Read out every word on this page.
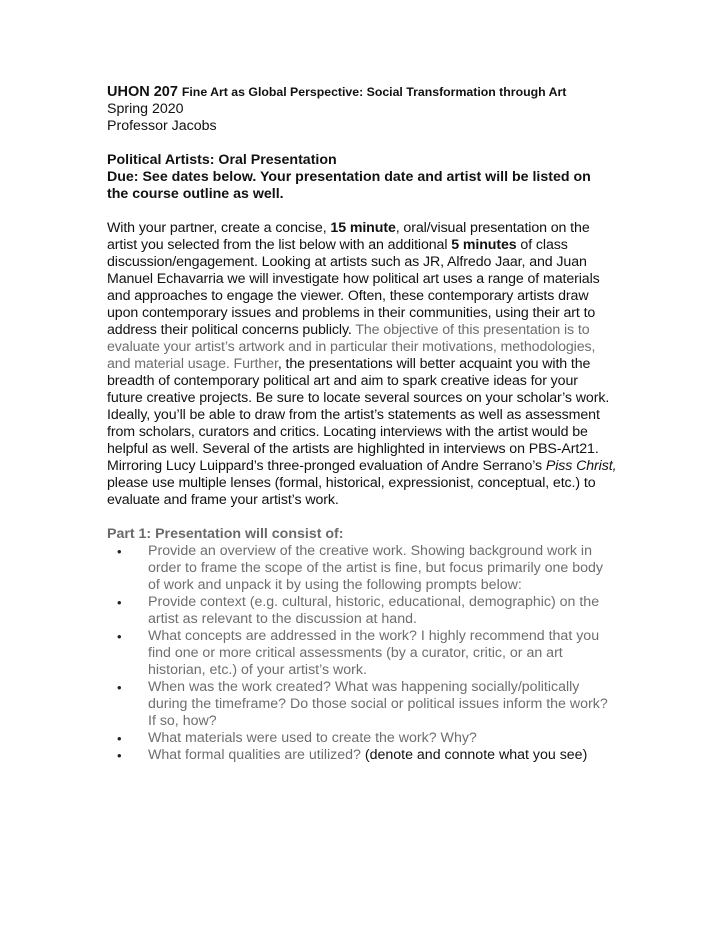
UHON 207 Fine Art as Global Perspective: Social Transformation through Art

Spring 2020

Professor Jacobs

Political Artists: Oral Presentation

Due: See dates below. Your presentation date and artist will be listed on

the course outline as well.

With your partner, create a concise, 15 minute, oral/visual presentation on the artist you selected from the list below with an additional 5 minutes of class discussion/engagement. Looking at artists such as JR, Alfredo Jaar, and Juan Manuel Echavarria we will investigate how political art uses a range of materials and approaches to engage the viewer. Often, these contemporary artists draw upon contemporary issues and problems in their communities, using their art to address their political concerns publicly. The objective of this presentation is to evaluate your artist’s artwork and in particular their motivations, methodologies, and material usage. Further, the presentations will better acquaint you with the breadth of contemporary political art and aim to spark creative ideas for your future creative projects. Be sure to locate several sources on your scholar’s work. Ideally, you’ll be able to draw from the artist’s statements as well as assessment from scholars, curators and critics. Locating interviews with the artist would be helpful as well. Several of the artists are highlighted in interviews on PBS-Art21. Mirroring Lucy Luippard’s three-pronged evaluation of Andre Serrano’s Piss Christ, please use multiple lenses (formal, historical, expressionist, conceptual, etc.) to evaluate and frame your artist’s work.

Part 1: Presentation will consist of:

• Provide an overview of the creative work. Showing background work in order to frame the scope of the artist is fine, but focus primarily one body of work and unpack it by using the following prompts below:
• Provide context (e.g. cultural, historic, educational, demographic) on the artist as relevant to the discussion at hand.
• What concepts are addressed in the work? I highly recommend that you find one or more critical assessments (by a curator, critic, or an art historian, etc.) of your artist’s work.
• When was the work created? What was happening socially/politically during the timeframe? Do those social or political issues inform the work? If so, how?
• What materials were used to create the work? Why?
• What formal qualities are utilized? (denote and connote what you see)
